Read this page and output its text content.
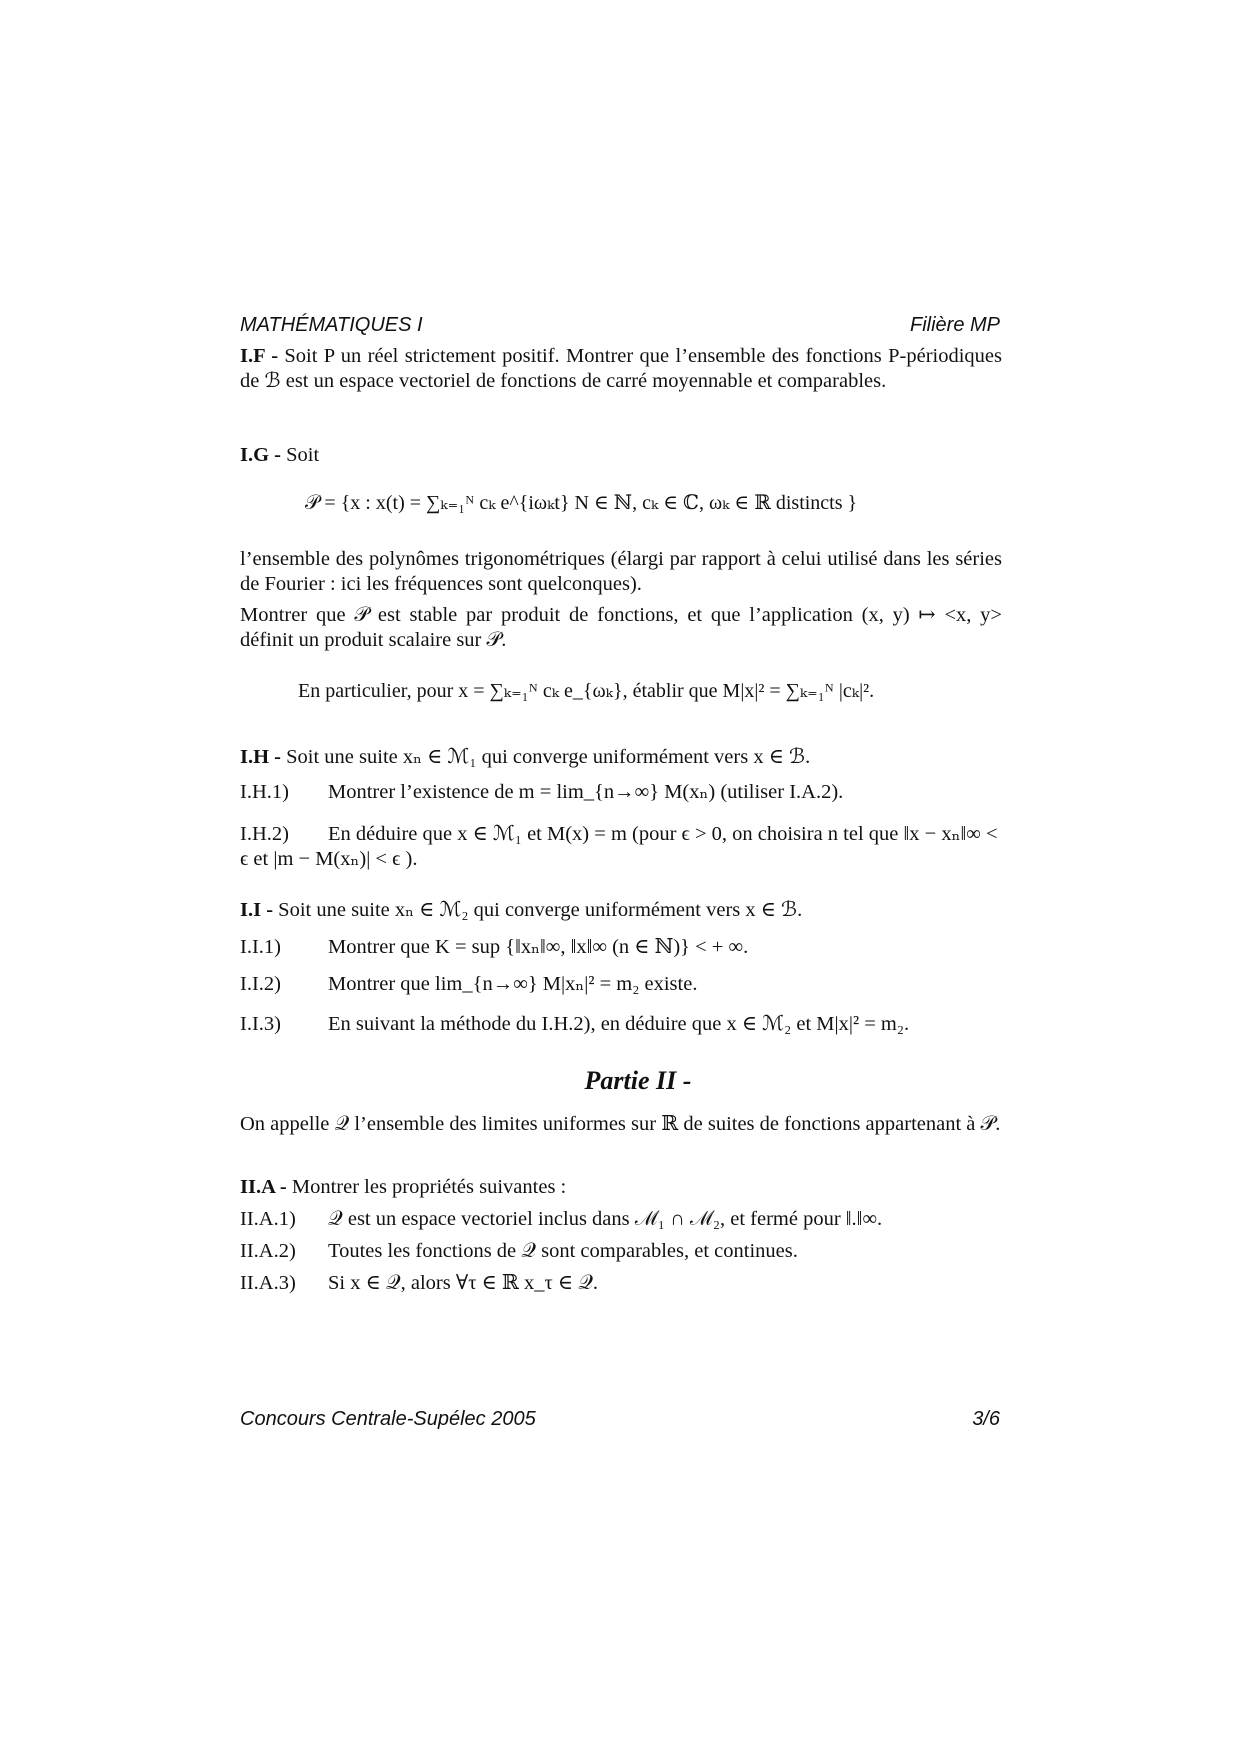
MATHÉMATIQUES I	Filière MP
I.F - Soit P un réel strictement positif. Montrer que l’ensemble des fonctions P-périodiques de ℬ est un espace vectoriel de fonctions de carré moyennable et comparables.
I.G - Soit
𝒫 = {x : x(t) = ∑ₖ₌₁ᴺ cₖ e^{iωₖt} N ∈ ℕ, cₖ ∈ ℂ, ωₖ ∈ ℝ distincts }
l’ensemble des polynômes trigonométriques (élargi par rapport à celui utilisé dans les séries de Fourier : ici les fréquences sont quelconques).
Montrer que 𝒫 est stable par produit de fonctions, et que l’application (x, y) ↦ <x, y> définit un produit scalaire sur 𝒫.
En particulier, pour x = ∑ₖ₌₁ᴺ cₖ e_{ωₖ}, établir que M|x|² = ∑ₖ₌₁ᴺ |cₖ|².
I.H - Soit une suite xₙ ∈ ℳ₁ qui converge uniformément vers x ∈ ℬ.
I.H.1) Montrer l’existence de m = lim_{n→∞} M(xₙ) (utiliser I.A.2).
I.H.2) En déduire que x ∈ ℳ₁ et M(x) = m (pour ϵ > 0, on choisira n tel que ‖x − xₙ‖∞ < ϵ et |m − M(xₙ)| < ϵ ).
I.I - Soit une suite xₙ ∈ ℳ₂ qui converge uniformément vers x ∈ ℬ.
I.I.1) Montrer que K = sup {‖xₙ‖∞, ‖x‖∞ (n ∈ ℕ)} < + ∞.
I.I.2) Montrer que lim_{n→∞} M|xₙ|² = m₂ existe.
I.I.3) En suivant la méthode du I.H.2), en déduire que x ∈ ℳ₂ et M|x|² = m₂.
Partie II -
On appelle 𝒬 l’ensemble des limites uniformes sur ℝ de suites de fonctions appartenant à 𝒫.
II.A - Montrer les propriétés suivantes :
II.A.1) 𝒬 est un espace vectoriel inclus dans ℳ₁ ∩ ℳ₂, et fermé pour ‖.‖∞.
II.A.2) Toutes les fonctions de 𝒬 sont comparables, et continues.
II.A.3) Si x ∈ 𝒬, alors ∀τ ∈ ℝ x_τ ∈ 𝒬.
Concours Centrale-Supélec 2005	3/6
